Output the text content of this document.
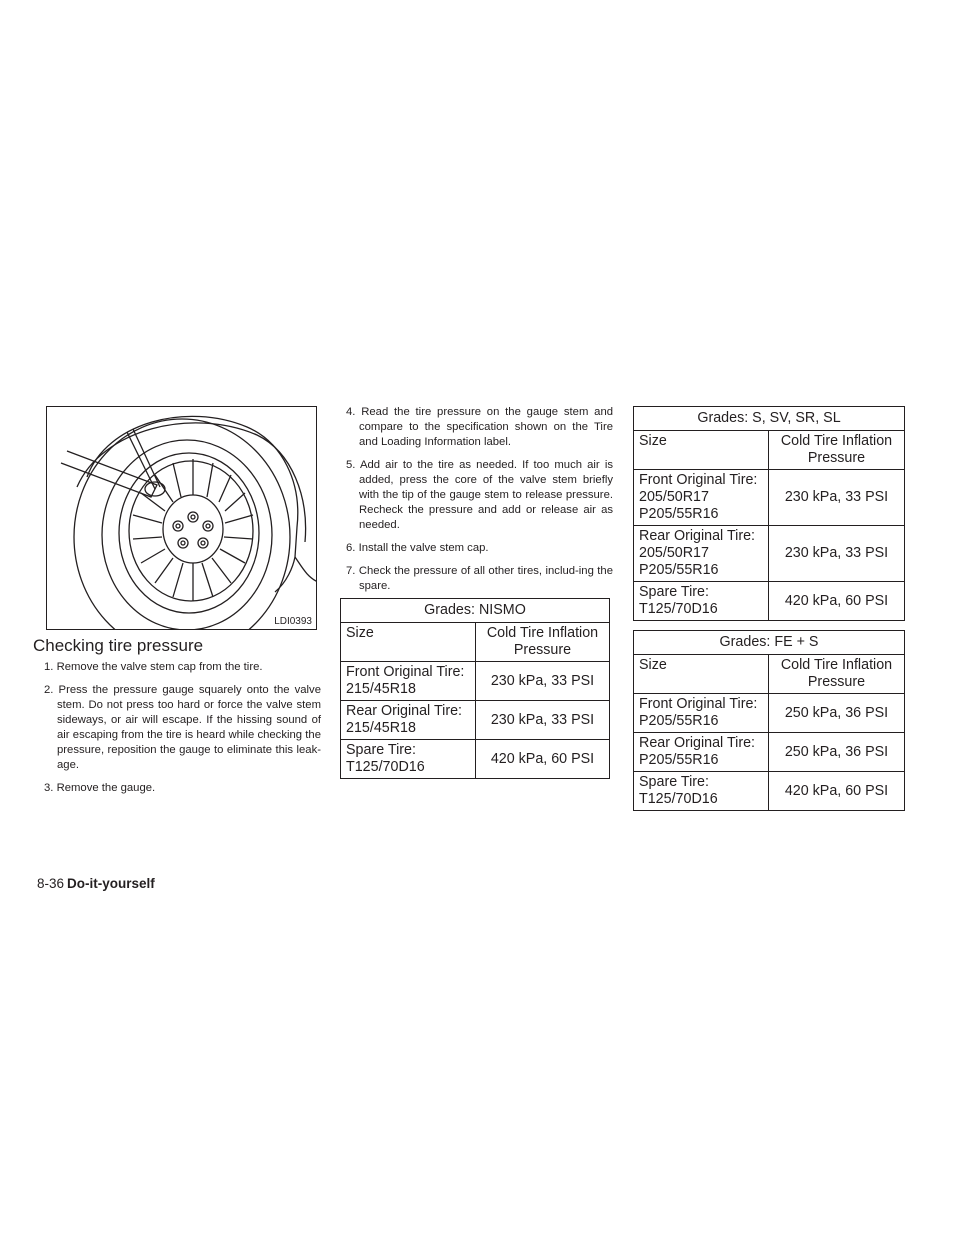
LDI0393
Checking tire pressure
1. Remove the valve stem cap from the tire.
2. Press the pressure gauge squarely onto the valve stem. Do not press too hard or force the valve stem sideways, or air will escape. If the hissing sound of air escaping from the tire is heard while checking the pressure, reposition the gauge to eliminate this leak-age.
3. Remove the gauge.
4. Read the tire pressure on the gauge stem and compare to the specification shown on the Tire and Loading Information label.
5. Add air to the tire as needed. If too much air is added, press the core of the valve stem briefly with the tip of the gauge stem to release pressure. Recheck the pressure and add or release air as needed.
6. Install the valve stem cap.
7. Check the pressure of all other tires, includ-ing the spare.
Grades: NISMO	
Size	Cold Tire Inflation Pressure
Front Original Tire:
215/45R18	230 kPa, 33 PSI
Rear Original Tire:
215/45R18	230 kPa, 33 PSI
Spare Tire:
T125/70D16	420 kPa, 60 PSI
Grades: S, SV, SR, SL	
Size	Cold Tire Inflation Pressure
Front Original Tire:
205/50R17
P205/55R16	230 kPa, 33 PSI
Rear Original Tire:
205/50R17
P205/55R16	230 kPa, 33 PSI
Spare Tire:
T125/70D16	420 kPa, 60 PSI
Grades: FE + S	
Size	Cold Tire Inflation Pressure
Front Original Tire:
P205/55R16	250 kPa, 36 PSI
Rear Original Tire:
P205/55R16	250 kPa, 36 PSI
Spare Tire:
T125/70D16	420 kPa, 60 PSI
8-36 Do-it-yourself
